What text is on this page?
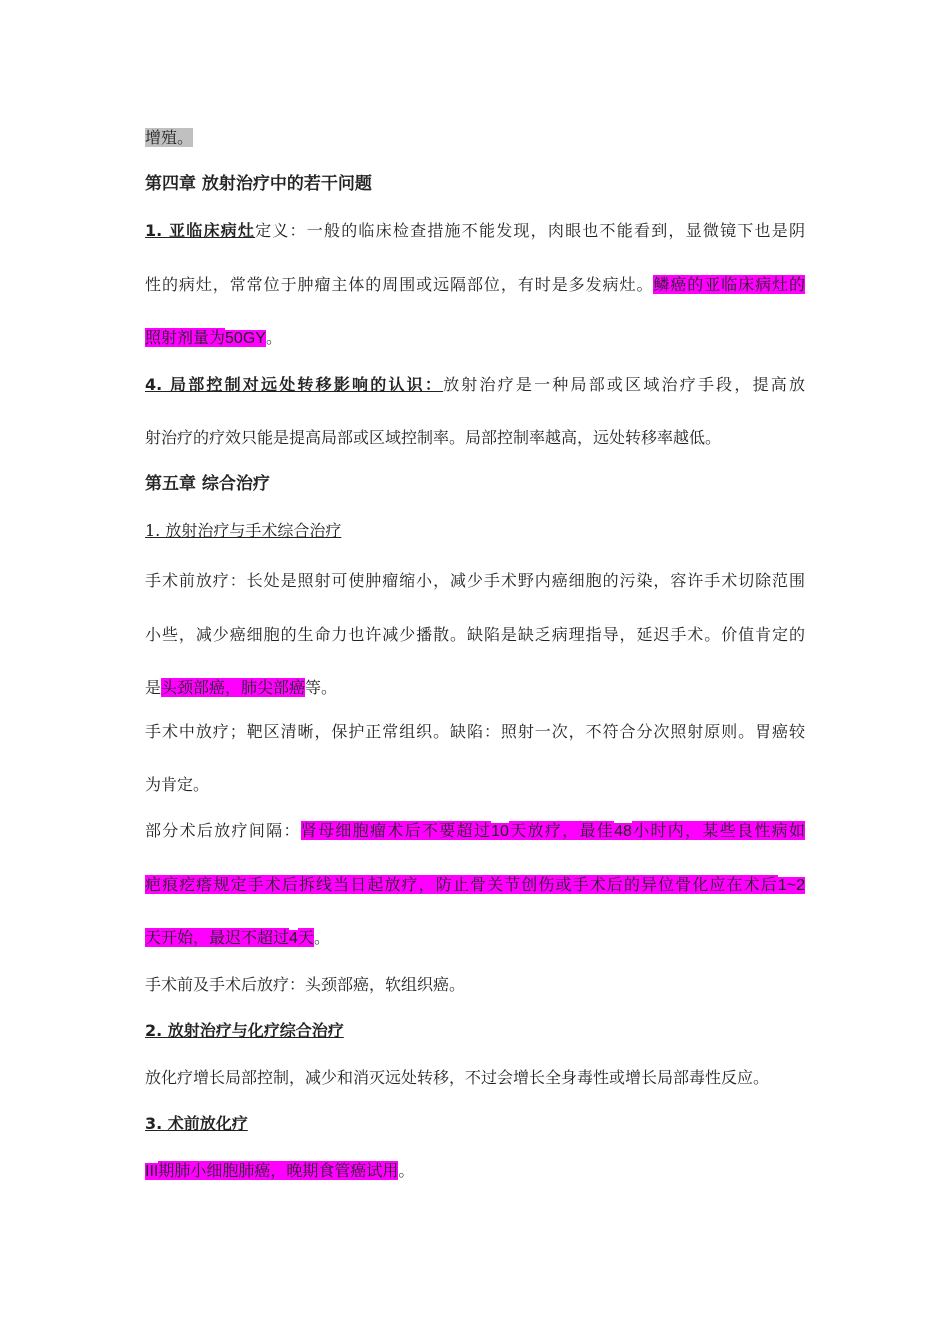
增殖。
第四章 放射治疗中的若干问题
1. 亚临床病灶定义：一般的临床检查措施不能发现，肉眼也不能看到，显微镜下也是阴
性的病灶，常常位于肿瘤主体的周围或远隔部位，有时是多发病灶。鳞癌的亚临床病灶的
照射剂量为50GY。
4. 局部控制对远处转移影响的认识：放射治疗是一种局部或区域治疗手段，提高放
射治疗的疗效只能是提高局部或区域控制率。局部控制率越高，远处转移率越低。
第五章 综合治疗
1. 放射治疗与手术综合治疗
手术前放疗：长处是照射可使肿瘤缩小，减少手术野内癌细胞的污染，容许手术切除范围
小些，减少癌细胞的生命力也许减少播散。缺陷是缺乏病理指导，延迟手术。价值肯定的
是头颈部癌，肺尖部癌等。
手术中放疗；靶区清晰，保护正常组织。缺陷：照射一次，不符合分次照射原则。胃癌较
为肯定。
部分术后放疗间隔：肾母细胞瘤术后不要超过10天放疗，最佳48小时内，某些良性病如
疤痕疙瘩规定手术后拆线当日起放疗，防止骨关节创伤或手术后的异位骨化应在术后1~2
天开始，最迟不超过4天。
手术前及手术后放疗：头颈部癌，软组织癌。
2. 放射治疗与化疗综合治疗
放化疗增长局部控制，减少和消灭远处转移，不过会增长全身毒性或增长局部毒性反应。
3. 术前放化疗
III期肺小细胞肺癌，晚期食管癌试用。
